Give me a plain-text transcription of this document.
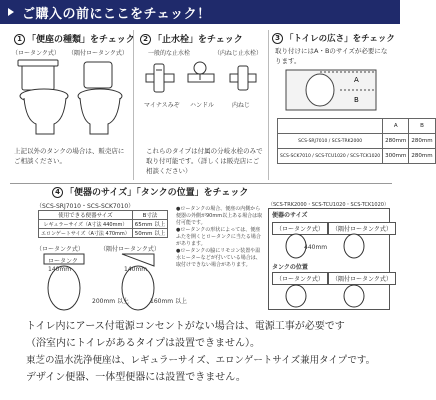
ご購入の前にここをチェック！
1 「便座の種類」をチェック
（ロータンク式） （隅付ロータンク式）
上記以外のタンクの場合は、販売店にご相談ください。
2 「止水栓」をチェック
一般的な止水栓	（内ねじ止水栓）
マイナスみぞ ハンドル	内ねじ
これらのタイプは付属の分岐水栓のみで取り付可能です。（詳しくは販売店にご相談ください）
3 「トイレの広さ」をチェック
取り付けにはA・Bのサイズが必要になります。
A
B
	A	B
SCS-SRJ7010 / SCS-TRK2000	280mm	280mm
SCS-SCK7010 / SCS-TCU1020 / SCS-TCK1020	300mm	280mm
4 「便器のサイズ」「タンクの位置」をチェック
（SCS-SRJ7010・SCS-SCK7010）	（SCS-TRK2000・SCS-TCU1020・SCS-TCK1020）
使用できる便器サイズ	B寸法
レギュラーサイズ（A寸法 440mm）	65mm 以上
エロンゲートサイズ（A寸法 470mm）	50mm 以上
●ロータンクの場合、便座の内側から便器の外側が90mm以上ある場合は取付可能です。
●ロータンクの形状によっては、便座ふたを開くとロータンクに当たる場合があります。
●ロータンクの脇にリモコン装置や温水ヒーターなどが付いている場合は、取付けできない場合があります。
（ロータンク式）	（隅付ロータンク式）
ロータンク
140mm
200mm 以上
140mm
160mm 以上
便器のサイズ
（ロータンク式）	（隅付ロータンク式）
440mm
タンクの位置
（ロータンク式）	（隅付ロータンク式）
トイレ内にアース付電源コンセントがない場合は、電源工事が必要です
（浴室内にトイレがあるタイプは設置できません）。
東芝の温水洗浄便座は、レギュラーサイズ、エロンゲートサイズ兼用タイプです。
デザイン便器、一体型便器には設置できません。
